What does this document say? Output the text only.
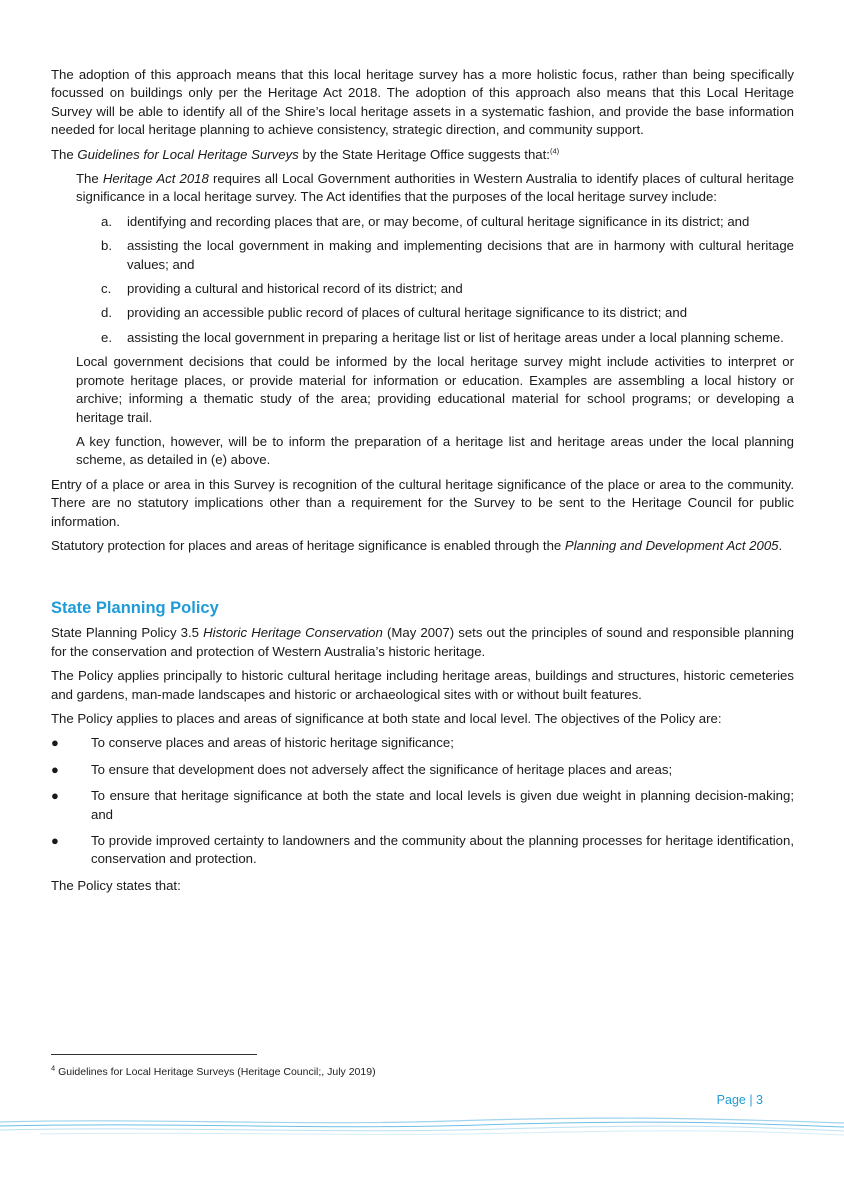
The adoption of this approach means that this local heritage survey has a more holistic focus, rather than being specifically focussed on buildings only per the Heritage Act 2018. The adoption of this approach also means that this Local Heritage Survey will be able to identify all of the Shire’s local heritage assets in a systematic fashion, and provide the base information needed for local heritage planning to achieve consistency, strategic direction, and community support.

The Guidelines for Local Heritage Surveys by the State Heritage Office suggests that:$^{(4)}$

The Heritage Act 2018 requires all Local Government authorities in Western Australia to identify places of cultural heritage significance in a local heritage survey. The Act identifies that the purposes of the local heritage survey include:

a.	identifying and recording places that are, or may become, of cultural heritage significance in its district; and
b.	assisting the local government in making and implementing decisions that are in harmony with cultural heritage values; and
c.	providing a cultural and historical record of its district; and
d.	providing an accessible public record of places of cultural heritage significance to its district; and
e.	assisting the local government in preparing a heritage list or list of heritage areas under a local planning scheme.

Local government decisions that could be informed by the local heritage survey might include activities to interpret or promote heritage places, or provide material for information or education. Examples are assembling a local history or archive; informing a thematic study of the area; providing educational material for school programs; or developing a heritage trail.

A key function, however, will be to inform the preparation of a heritage list and heritage areas under the local planning scheme, as detailed in (e) above.

Entry of a place or area in this Survey is recognition of the cultural heritage significance of the place or area to the community. There are no statutory implications other than a requirement for the Survey to be sent to the Heritage Council for public information.

Statutory protection for places and areas of heritage significance is enabled through the Planning and Development Act 2005.

State Planning Policy

State Planning Policy 3.5 Historic Heritage Conservation (May 2007) sets out the principles of sound and responsible planning for the conservation and protection of Western Australia’s historic heritage.

The Policy applies principally to historic cultural heritage including heritage areas, buildings and structures, historic cemeteries and gardens, man-made landscapes and historic or archaeological sites with or without built features.

The Policy applies to places and areas of significance at both state and local level. The objectives of the Policy are:

●	To conserve places and areas of historic heritage significance;
●	To ensure that development does not adversely affect the significance of heritage places and areas;
●	To ensure that heritage significance at both the state and local levels is given due weight in planning decision-making; and
●	To provide improved certainty to landowners and the community about the planning processes for heritage identification, conservation and protection.

The Policy states that:

$^4$ Guidelines for Local Heritage Surveys (Heritage Council;, July 2019)
Page | 3
